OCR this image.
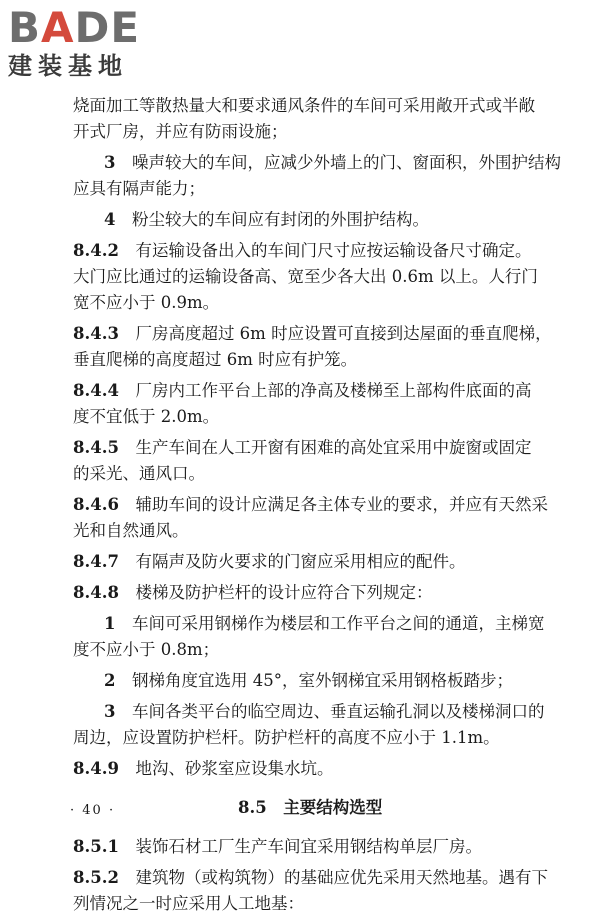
BADE
建装基地
烧面加工等散热量大和要求通风条件的车间可采用敞开式或半敞
开式厂房，并应有防雨设施；
3　噪声较大的车间，应减少外墙上的门、窗面积，外围护结构
应具有隔声能力；
4　粉尘较大的车间应有封闭的外围护结构。
8.4.2　有运输设备出入的车间门尺寸应按运输设备尺寸确定。
大门应比通过的运输设备高、宽至少各大出 0.6m 以上。人行门
宽不应小于 0.9m。
8.4.3　厂房高度超过 6m 时应设置可直接到达屋面的垂直爬梯，
垂直爬梯的高度超过 6m 时应有护笼。
8.4.4　厂房内工作平台上部的净高及楼梯至上部构件底面的高
度不宜低于 2.0m。
8.4.5　生产车间在人工开窗有困难的高处宜采用中旋窗或固定
的采光、通风口。
8.4.6　辅助车间的设计应满足各主体专业的要求，并应有天然采
光和自然通风。
8.4.7　有隔声及防火要求的门窗应采用相应的配件。
8.4.8　楼梯及防护栏杆的设计应符合下列规定：
1　车间可采用钢梯作为楼层和工作平台之间的通道，主梯宽
度不应小于 0.8m；
2　钢梯角度宜选用 45°，室外钢梯宜采用钢格板踏步；
3　车间各类平台的临空周边、垂直运输孔洞以及楼梯洞口的
周边，应设置防护栏杆。防护栏杆的高度不应小于 1.1m。
8.4.9　地沟、砂浆室应设集水坑。
8.5　主要结构选型
8.5.1　装饰石材工厂生产车间宜采用钢结构单层厂房。
8.5.2　建筑物（或构筑物）的基础应优先采用天然地基。遇有下
列情况之一时应采用人工地基：
· 40 ·
